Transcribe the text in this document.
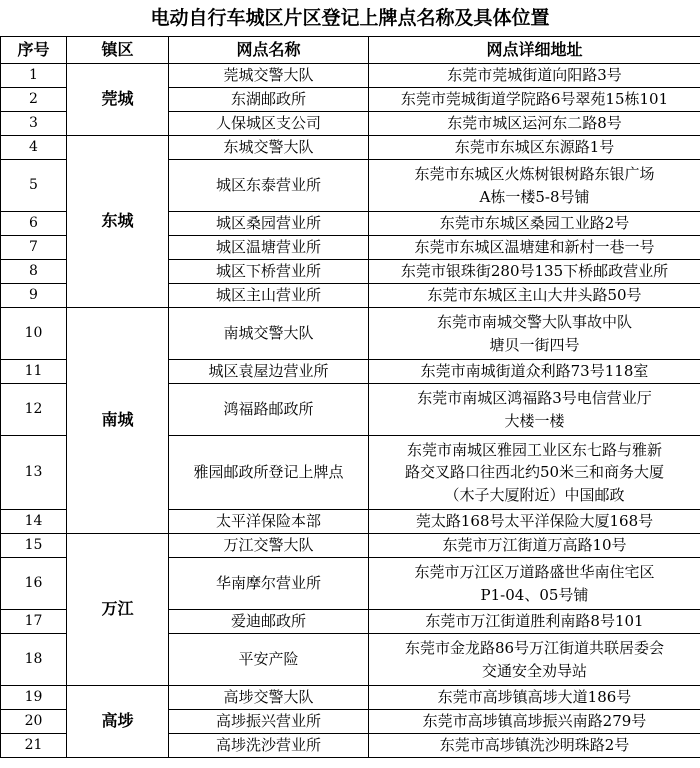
电动自行车城区片区登记上牌点名称及具体位置
序号	镇区	网点名称	网点详细地址
1	莞城	莞城交警大队	东莞市莞城街道向阳路3号
2		东湖邮政所	东莞市莞城街道学院路6号翠苑15栋101
3		人保城区支公司	东莞市城区运河东二路8号
4	东城	东城交警大队	东莞市东城区东源路1号
5		城区东泰营业所	东莞市东城区火炼树银树路东银广场
A栋一楼5-8号铺
6		城区桑园营业所	东莞市东城区桑园工业路2号
7		城区温塘营业所	东莞市东城区温塘建和新村一巷一号
8		城区下桥营业所	东莞市银珠街280号135下桥邮政营业所
9		城区主山营业所	东莞市东城区主山大井头路50号
10	南城	南城交警大队	东莞市南城交警大队事故中队
塘贝一街四号
11		城区袁屋边营业所	东莞市南城街道众利路73号118室
12		鸿福路邮政所	东莞市南城区鸿福路3号电信营业厅
大楼一楼
13		雅园邮政所登记上牌点	东莞市南城区雅园工业区东七路与雅新
路交叉路口往西北约50米三和商务大厦
（木子大厦附近）中国邮政
14		太平洋保险本部	莞太路168号太平洋保险大厦168号
15	万江	万江交警大队	东莞市万江街道万高路10号
16		华南摩尔营业所	东莞市万江区万道路盛世华南住宅区
P1-04、05号铺
17		爱迪邮政所	东莞市万江街道胜利南路8号101
18		平安产险	东莞市金龙路86号万江街道共联居委会
交通安全劝导站
19	高埗	高埗交警大队	东莞市高埗镇高埗大道186号
20		高埗振兴营业所	东莞市高埗镇高埗振兴南路279号
21		高埗洗沙营业所	东莞市高埗镇洗沙明珠路2号
